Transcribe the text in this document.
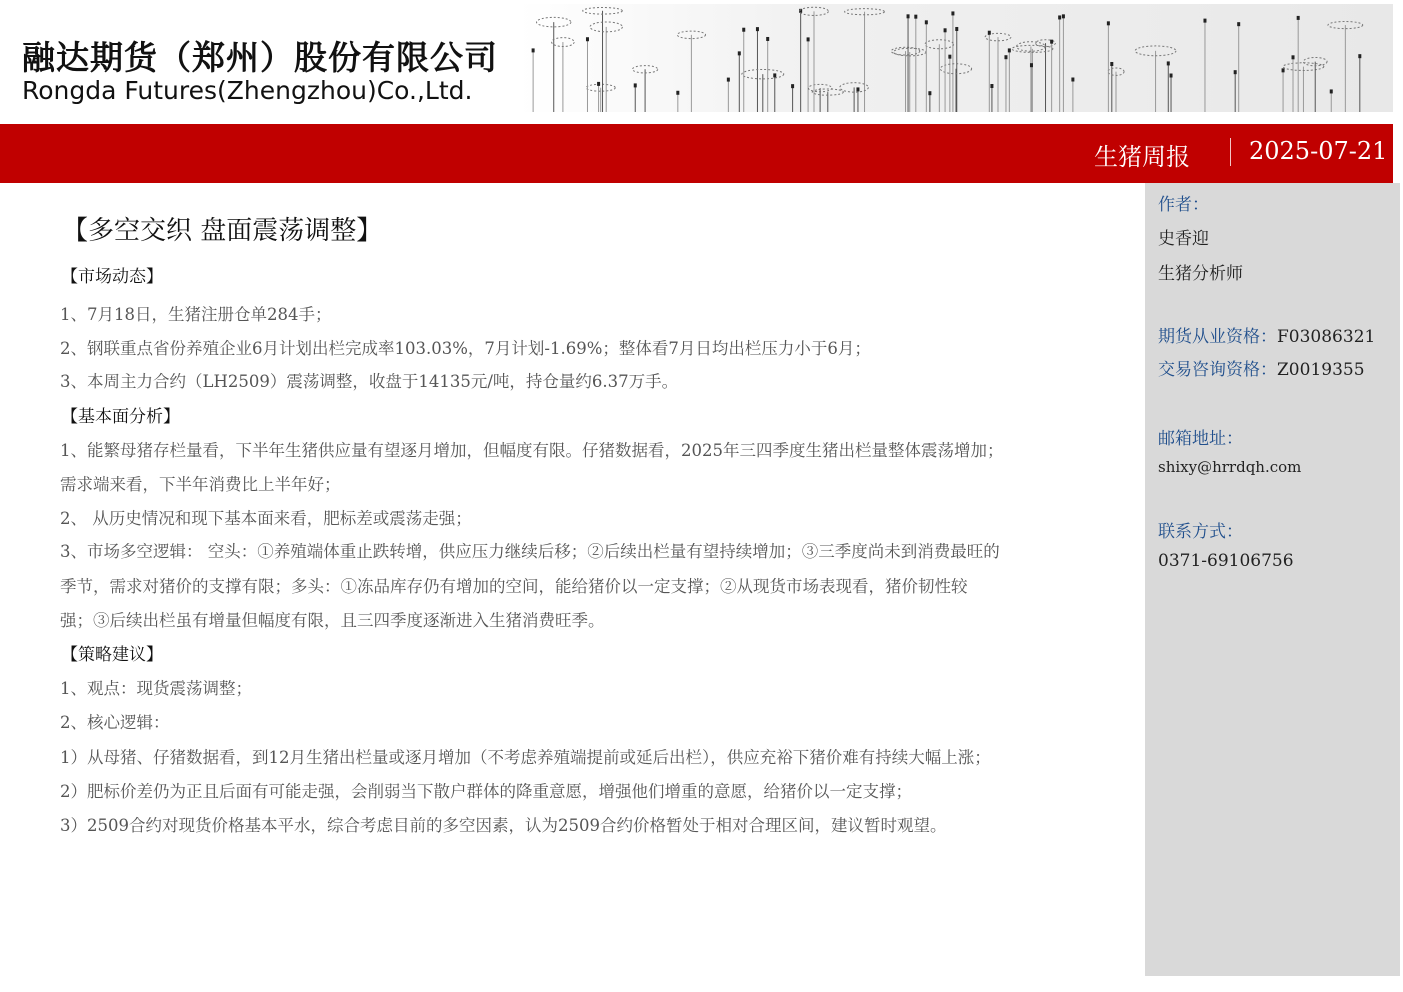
融达期货（郑州）股份有限公司
Rongda Futures(Zhengzhou)Co.,Ltd.
生猪周报 2025-07-21
【多空交织 盘面震荡调整】
【市场动态】
1、7月18日，生猪注册仓单284手；
2、钢联重点省份养殖企业6月计划出栏完成率103.03%，7月计划-1.69%；整体看7月日均出栏压力小于6月；
3、本周主力合约（LH2509）震荡调整，收盘于14135元/吨，持仓量约6.37万手。
【基本面分析】
1、能繁母猪存栏量看，下半年生猪供应量有望逐月增加，但幅度有限。仔猪数据看，2025年三四季度生猪出栏量整体震荡增加；
需求端来看，下半年消费比上半年好；
2、 从历史情况和现下基本面来看，肥标差或震荡走强；
3、市场多空逻辑： 空头：①养殖端体重止跌转增，供应压力继续后移；②后续出栏量有望持续增加；③三季度尚未到消费最旺的
季节，需求对猪价的支撑有限；多头：①冻品库存仍有增加的空间，能给猪价以一定支撑；②从现货市场表现看，猪价韧性较
强；③后续出栏虽有增量但幅度有限，且三四季度逐渐进入生猪消费旺季。
【策略建议】
1、观点：现货震荡调整；
2、核心逻辑：
1）从母猪、仔猪数据看，到12月生猪出栏量或逐月增加（不考虑养殖端提前或延后出栏），供应充裕下猪价难有持续大幅上涨；
2）肥标价差仍为正且后面有可能走强，会削弱当下散户群体的降重意愿，增强他们增重的意愿，给猪价以一定支撑；
3）2509合约对现货价格基本平水，综合考虑目前的多空因素，认为2509合约价格暂处于相对合理区间，建议暂时观望。
作者：
史香迎
生猪分析师
期货从业资格：F03086321
交易咨询资格：Z0019355
邮箱地址：
shixy@hrrdqh.com
联系方式：
0371-69106756
